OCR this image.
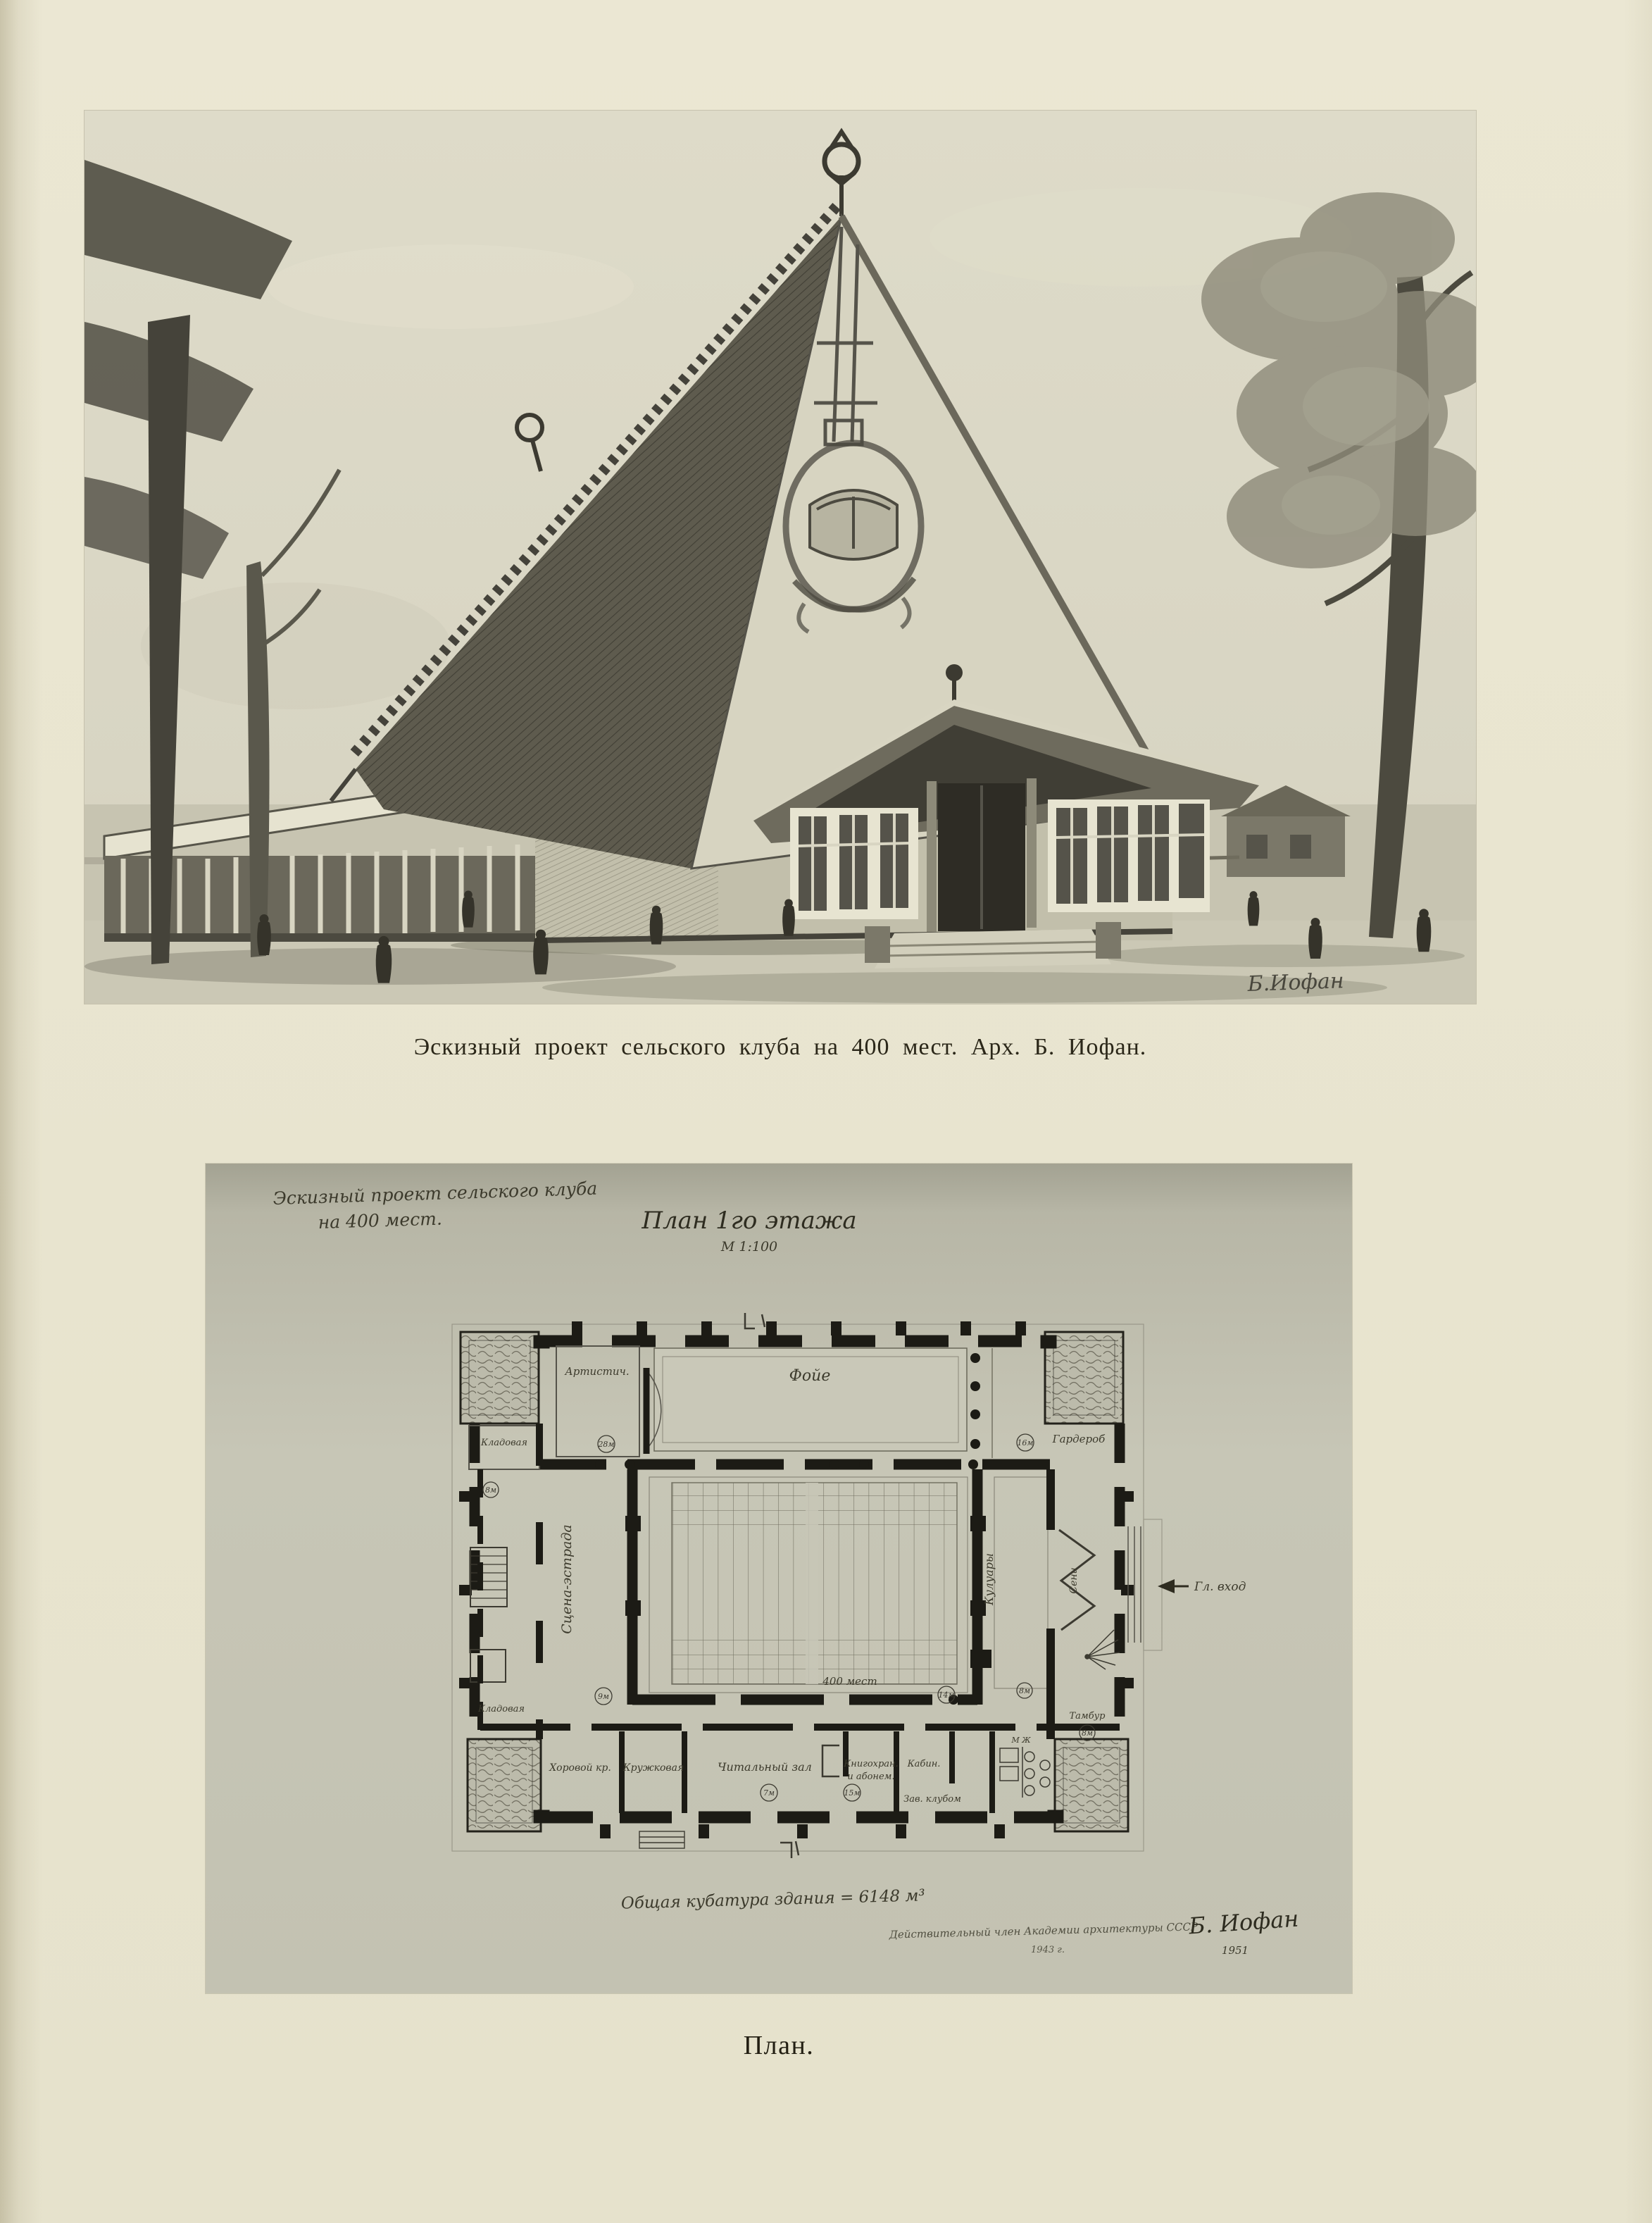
Б.Иофан
Эскизный проект сельского клуба на 400 мест. Арх. Б. Иофан.
Эскизный проект сельского клуба
на 400 мест.	План 1го этажа
М 1:100
Фойе
Артистич.
Гардероб
Кладовая
Кладовая
Сцена-эстрада
400 мест
Кулуары	Сени	Гл. вход
Тамбур
Хоровой кр. Кружковая	Читальный зал	Книгохран.
и абонем.
Кабин.
Зав. клубом
М Ж
28м	16м
8м
9м	14м	8м
7м	15м
8м
Общая кубатура здания = 6148 м³
Действительный член Академии архитектуры СССР
1943 г.
Б. Иофан
1951
План.
